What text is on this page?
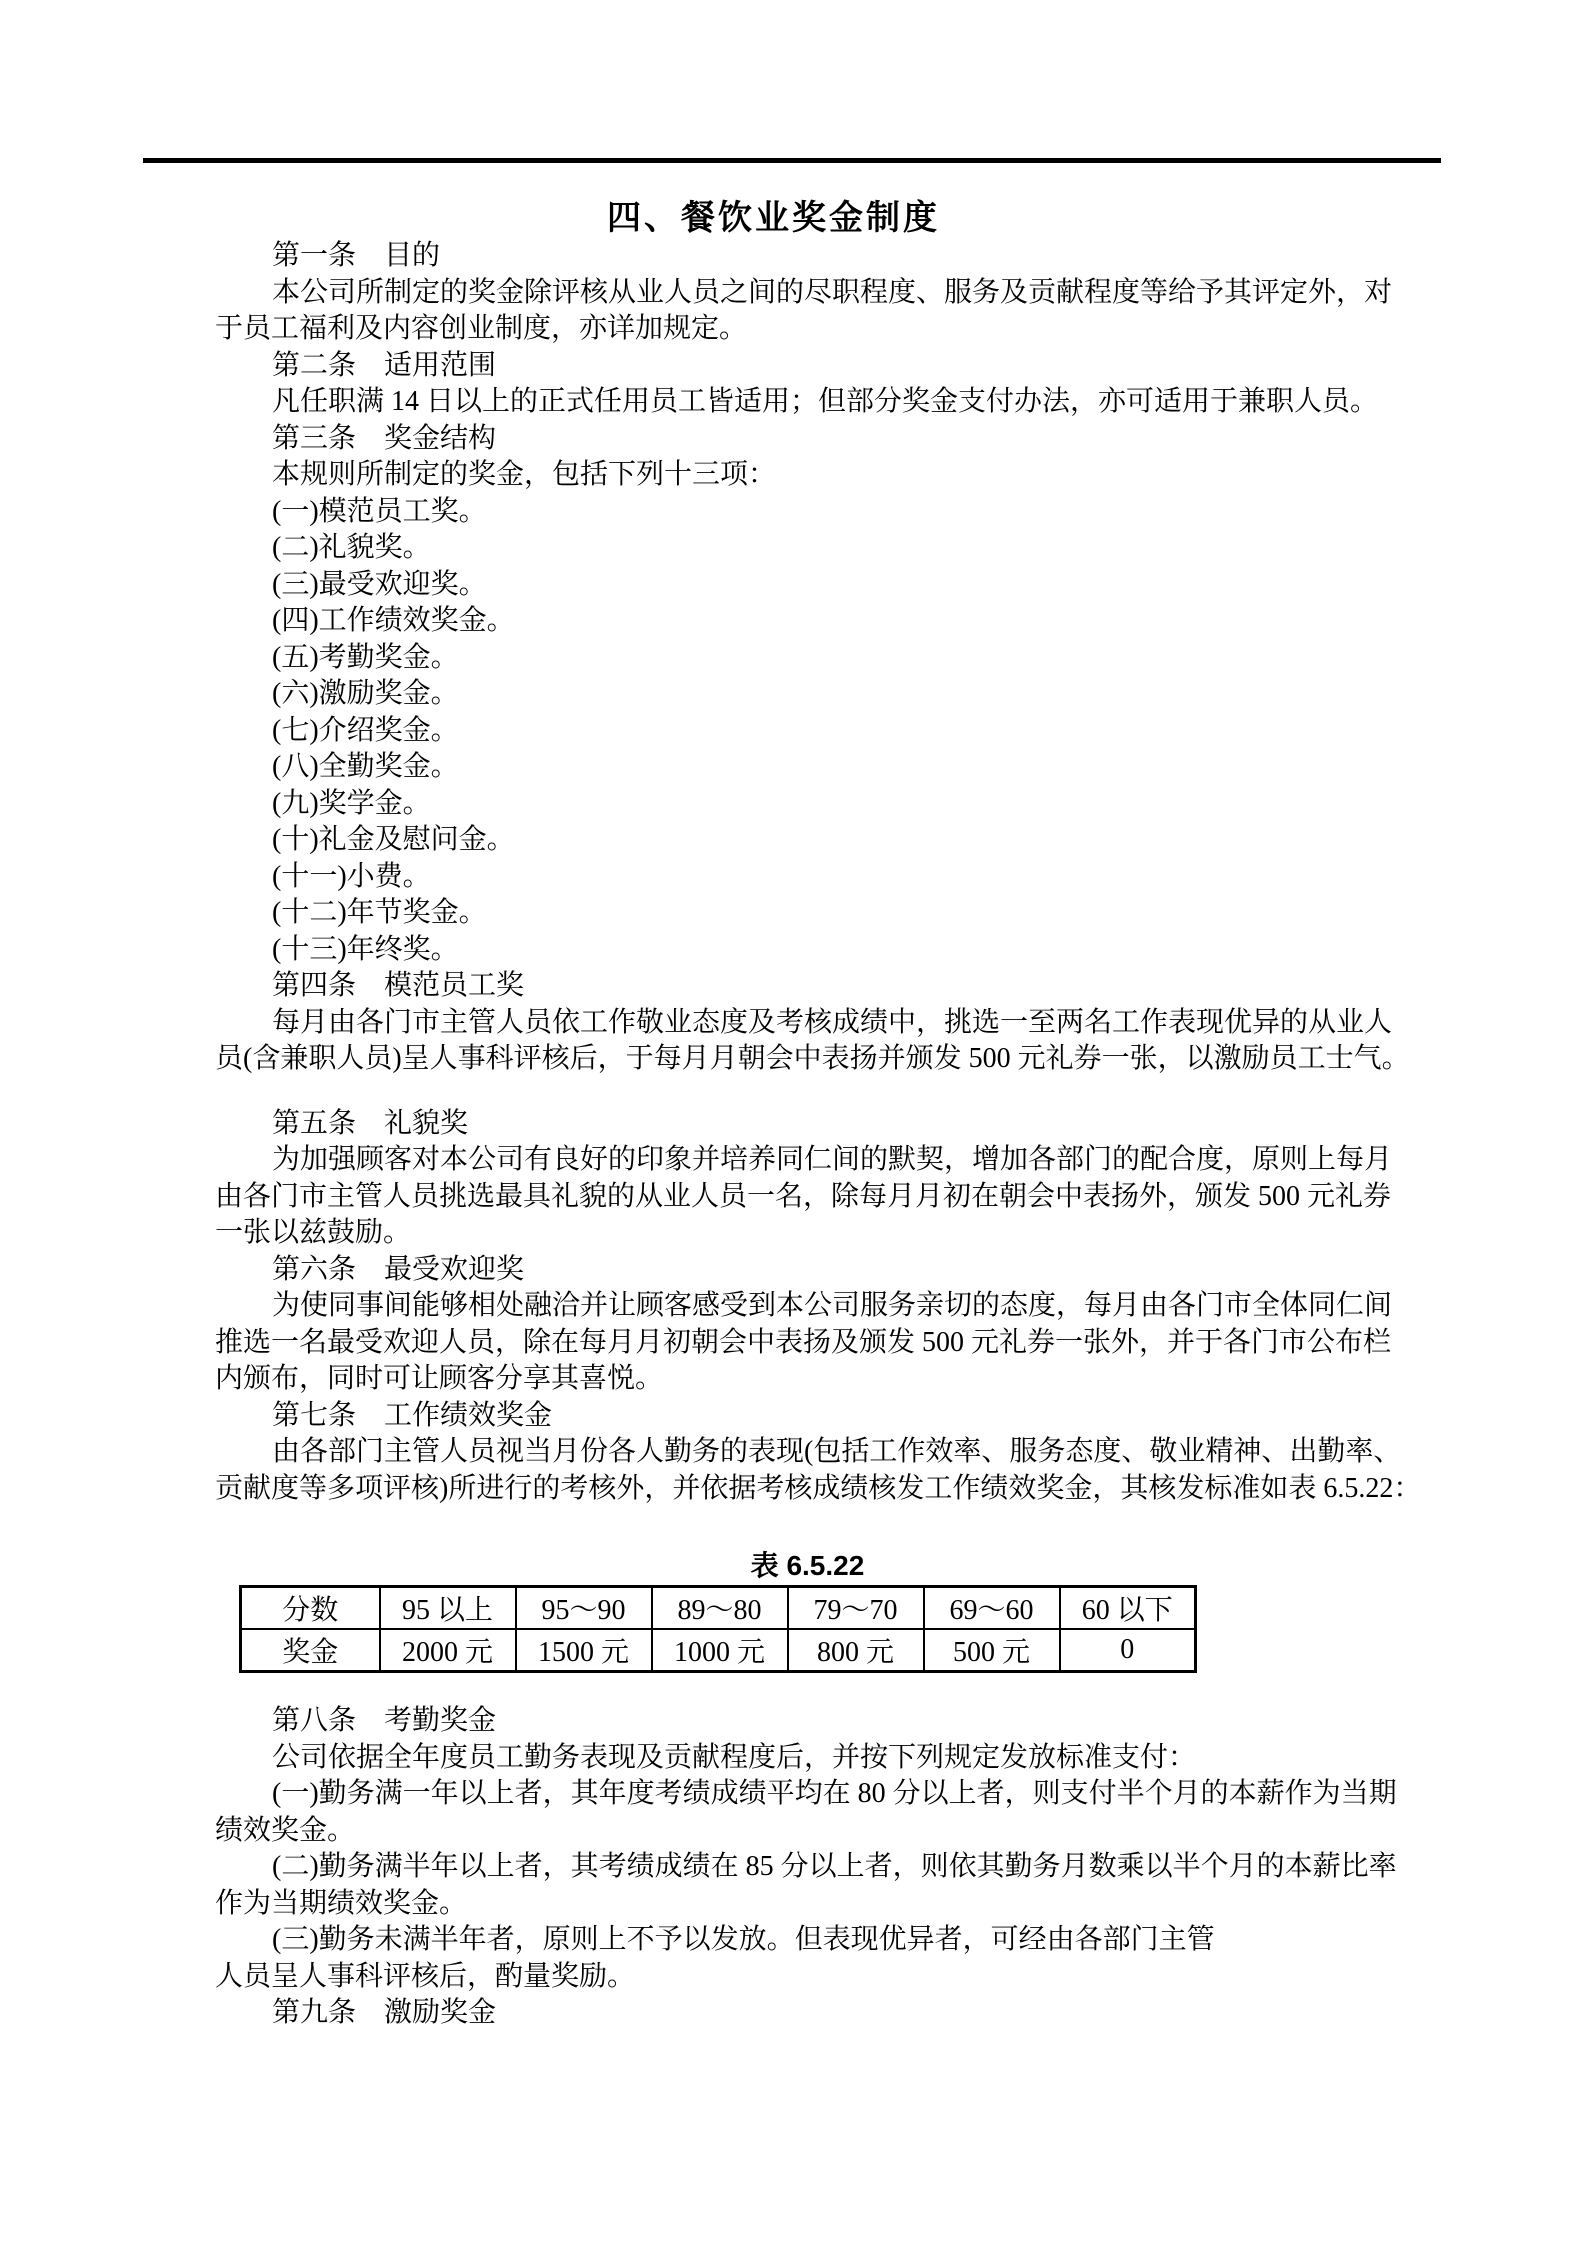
四、餐饮业奖金制度
第一条　目的
本公司所制定的奖金除评核从业人员之间的尽职程度、服务及贡献程度等给予其评定外，对
于员工福利及内容创业制度，亦详加规定。
第二条　适用范围
凡任职满 14 日以上的正式任用员工皆适用；但部分奖金支付办法，亦可适用于兼职人员。
第三条　奖金结构
本规则所制定的奖金，包括下列十三项：
(一)模范员工奖。
(二)礼貌奖。
(三)最受欢迎奖。
(四)工作绩效奖金。
(五)考勤奖金。
(六)激励奖金。
(七)介绍奖金。
(八)全勤奖金。
(九)奖学金。
(十)礼金及慰问金。
(十一)小费。
(十二)年节奖金。
(十三)年终奖。
第四条　模范员工奖
每月由各门市主管人员依工作敬业态度及考核成绩中，挑选一至两名工作表现优异的从业人
员(含兼职人员)呈人事科评核后，于每月月朝会中表扬并颁发 500 元礼券一张，以激励员工士气。
第五条　礼貌奖
为加强顾客对本公司有良好的印象并培养同仁间的默契，增加各部门的配合度，原则上每月
由各门市主管人员挑选最具礼貌的从业人员一名，除每月月初在朝会中表扬外，颁发 500 元礼券
一张以兹鼓励。
第六条　最受欢迎奖
为使同事间能够相处融洽并让顾客感受到本公司服务亲切的态度，每月由各门市全体同仁间
推选一名最受欢迎人员，除在每月月初朝会中表扬及颁发 500 元礼券一张外，并于各门市公布栏
内颁布，同时可让顾客分享其喜悦。
第七条　工作绩效奖金
由各部门主管人员视当月份各人勤务的表现(包括工作效率、服务态度、敬业精神、出勤率、
贡献度等多项评核)所进行的考核外，并依据考核成绩核发工作绩效奖金，其核发标准如表 6.5.22：
表 6.5.22
分数	95 以上	95～90	89～80	79～70	69～60	60 以下
奖金	2000 元	1500 元	1000 元	800 元	500 元	0
第八条　考勤奖金
公司依据全年度员工勤务表现及贡献程度后，并按下列规定发放标准支付：
(一)勤务满一年以上者，其年度考绩成绩平均在 80 分以上者，则支付半个月的本薪作为当期
绩效奖金。
(二)勤务满半年以上者，其考绩成绩在 85 分以上者，则依其勤务月数乘以半个月的本薪比率
作为当期绩效奖金。
(三)勤务未满半年者，原则上不予以发放。但表现优异者，可经由各部门主管
人员呈人事科评核后，酌量奖励。
第九条　激励奖金
